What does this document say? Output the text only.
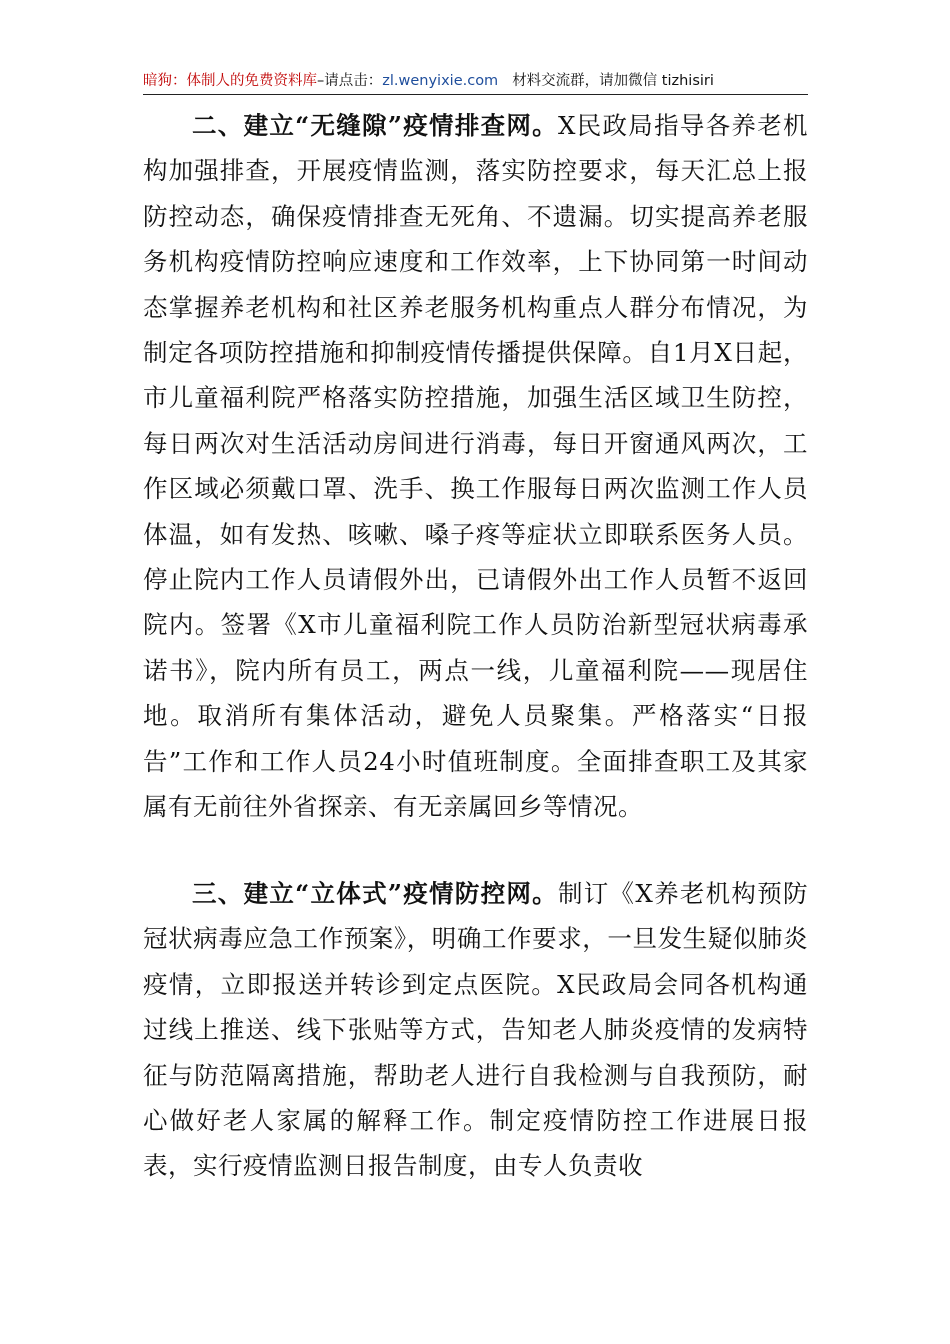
暗狗：体制人的免费资料库–请点击：zl.wenyixie.com 材料交流群，请加微信 tizhisiri

二、建立“无缝隙”疫情排查网。X民政局指导各养老机构加强排查，开展疫情监测，落实防控要求，每天汇总上报防控动态，确保疫情排查无死角、不遗漏。切实提高养老服务机构疫情防控响应速度和工作效率，上下协同第一时间动态掌握养老机构和社区养老服务机构重点人群分布情况，为制定各项防控措施和抑制疫情传播提供保障。自1月X日起，市儿童福利院严格落实防控措施，加强生活区域卫生防控，每日两次对生活活动房间进行消毒，每日开窗通风两次，工作区域必须戴口罩、洗手、换工作服每日两次监测工作人员体温，如有发热、咳嗽、嗓子疼等症状立即联系医务人员。停止院内工作人员请假外出，已请假外出工作人员暂不返回院内。签署《X市儿童福利院工作人员防治新型冠状病毒承诺书》，院内所有员工，两点一线，儿童福利院——现居住地。取消所有集体活动，避免人员聚集。严格落实“日报告”工作和工作人员24小时值班制度。全面排查职工及其家属有无前往外省探亲、有无亲属回乡等情况。

三、建立“立体式”疫情防控网。制订《X养老机构预防冠状病毒应急工作预案》，明确工作要求，一旦发生疑似肺炎疫情，立即报送并转诊到定点医院。X民政局会同各机构通过线上推送、线下张贴等方式，告知老人肺炎疫情的发病特征与防范隔离措施，帮助老人进行自我检测与自我预防，耐心做好老人家属的解释工作。制定疫情防控工作进展日报表，实行疫情监测日报告制度，由专人负责收
